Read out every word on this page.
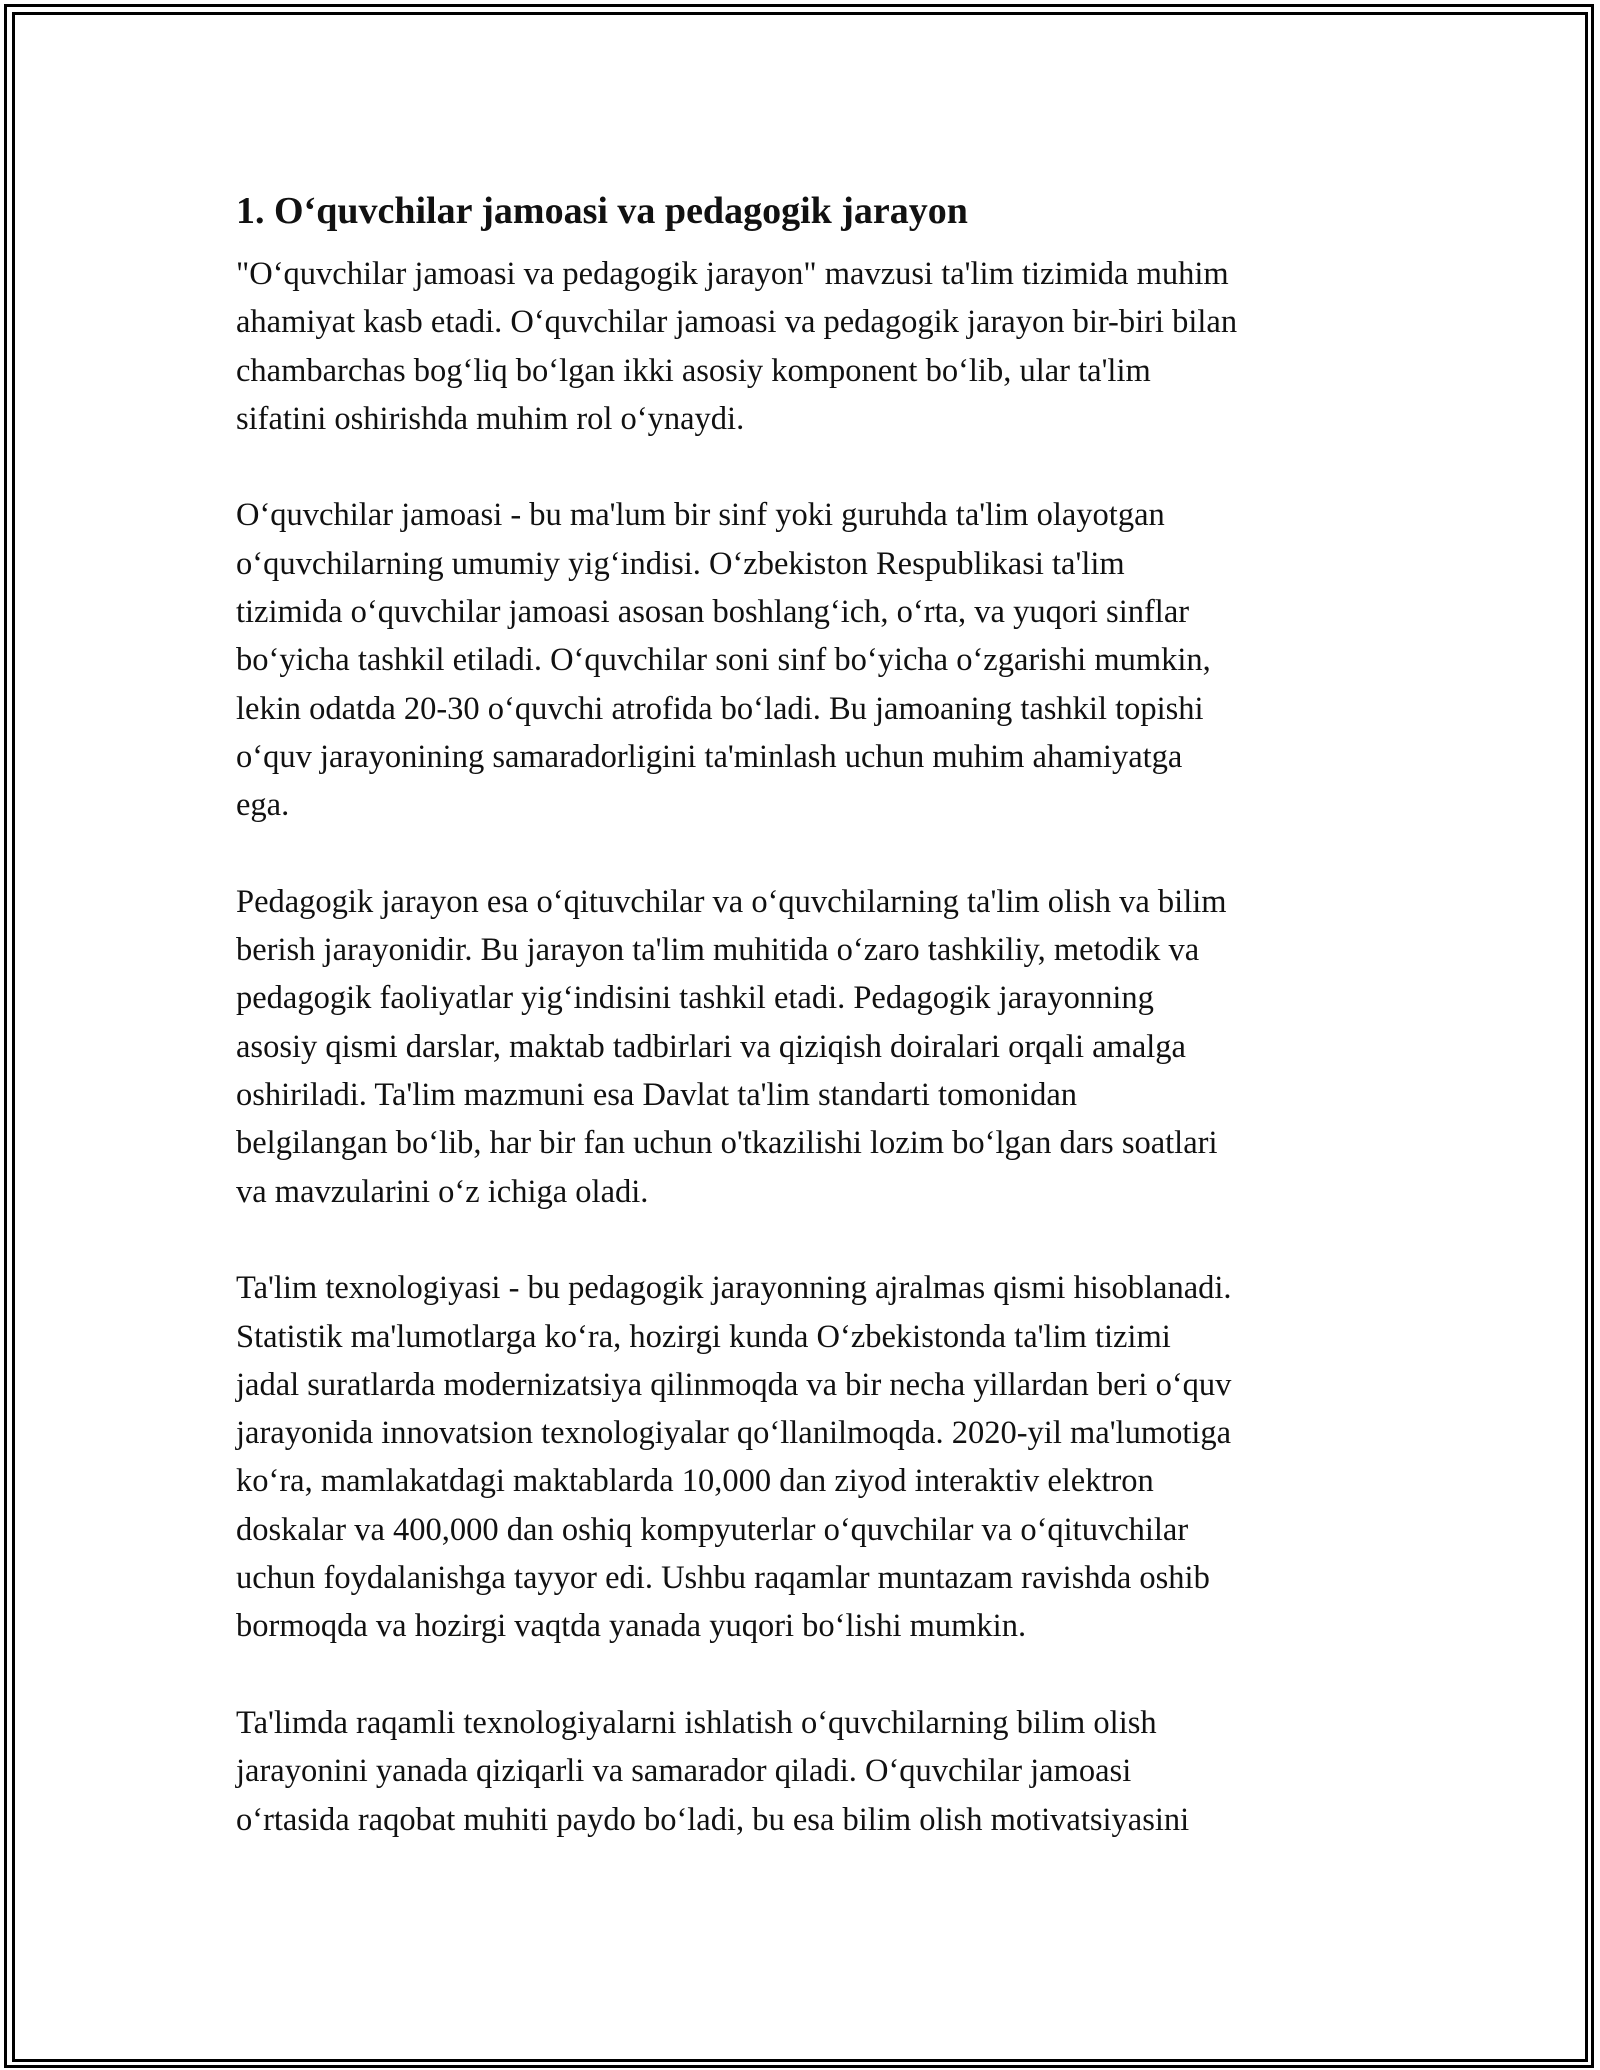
1. O‘quvchilar jamoasi va pedagogik jarayon
"O‘quvchilar jamoasi va pedagogik jarayon" mavzusi ta'lim tizimida muhim
ahamiyat kasb etadi. O‘quvchilar jamoasi va pedagogik jarayon bir-biri bilan
chambarchas bog‘liq bo‘lgan ikki asosiy komponent bo‘lib, ular ta'lim
sifatini oshirishda muhim rol o‘ynaydi.
O‘quvchilar jamoasi - bu ma'lum bir sinf yoki guruhda ta'lim olayotgan
o‘quvchilarning umumiy yig‘indisi. O‘zbekiston Respublikasi ta'lim
tizimida o‘quvchilar jamoasi asosan boshlang‘ich, o‘rta, va yuqori sinflar
bo‘yicha tashkil etiladi. O‘quvchilar soni sinf bo‘yicha o‘zgarishi mumkin,
lekin odatda 20-30 o‘quvchi atrofida bo‘ladi. Bu jamoaning tashkil topishi
o‘quv jarayonining samaradorligini ta'minlash uchun muhim ahamiyatga
ega.
Pedagogik jarayon esa o‘qituvchilar va o‘quvchilarning ta'lim olish va bilim
berish jarayonidir. Bu jarayon ta'lim muhitida o‘zaro tashkiliy, metodik va
pedagogik faoliyatlar yig‘indisini tashkil etadi. Pedagogik jarayonning
asosiy qismi darslar, maktab tadbirlari va qiziqish doiralari orqali amalga
oshiriladi. Ta'lim mazmuni esa Davlat ta'lim standarti tomonidan
belgilangan bo‘lib, har bir fan uchun o'tkazilishi lozim bo‘lgan dars soatlari
va mavzularini o‘z ichiga oladi.
Ta'lim texnologiyasi - bu pedagogik jarayonning ajralmas qismi hisoblanadi.
Statistik ma'lumotlarga ko‘ra, hozirgi kunda O‘zbekistonda ta'lim tizimi
jadal suratlarda modernizatsiya qilinmoqda va bir necha yillardan beri o‘quv
jarayonida innovatsion texnologiyalar qo‘llanilmoqda. 2020-yil ma'lumotiga
ko‘ra, mamlakatdagi maktablarda 10,000 dan ziyod interaktiv elektron
doskalar va 400,000 dan oshiq kompyuterlar o‘quvchilar va o‘qituvchilar
uchun foydalanishga tayyor edi. Ushbu raqamlar muntazam ravishda oshib
bormoqda va hozirgi vaqtda yanada yuqori bo‘lishi mumkin.
Ta'limda raqamli texnologiyalarni ishlatish o‘quvchilarning bilim olish
jarayonini yanada qiziqarli va samarador qiladi. O‘quvchilar jamoasi
o‘rtasida raqobat muhiti paydo bo‘ladi, bu esa bilim olish motivatsiyasini
